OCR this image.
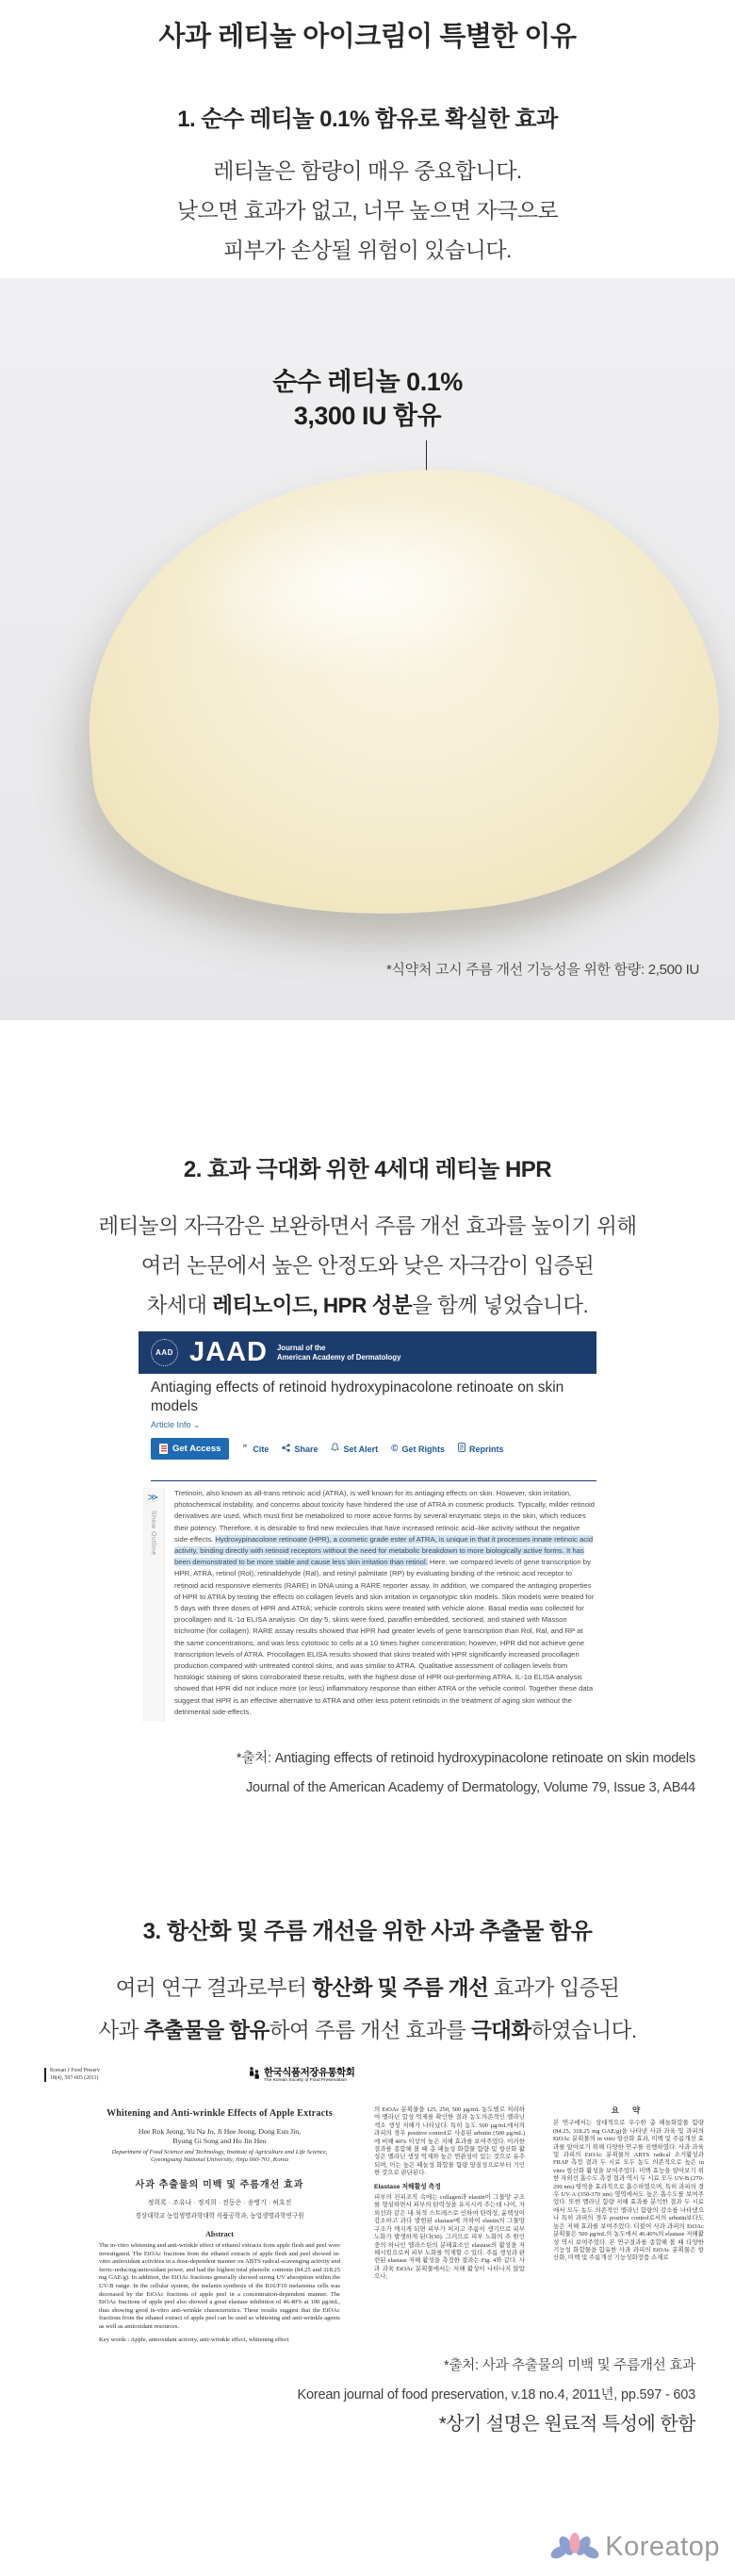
사과 레티놀 아이크림이 특별한 이유
1. 순수 레티놀 0.1% 함유로 확실한 효과
레티놀은 함량이 매우 중요합니다.
낮으면 효과가 없고, 너무 높으면 자극으로
피부가 손상될 위험이 있습니다.
순수 레티놀 0.1%
3,300 IU 함유
*식약처 고시 주름 개선 기능성을 위한 함량: 2,500 IU
2. 효과 극대화 위한 4세대 레티놀 HPR
레티놀의 자극감은 보완하면서 주름 개선 효과를 높이기 위해
여러 논문에서 높은 안정도와 낮은 자극감이 입증된
차세대 레티노이드, HPR 성분을 함께 넣었습니다.
AAD JAAD Journal of the
American Academy of Dermatology
Antiaging effects of retinoid hydroxypinacolone retinoate on skin models
Article Info ⌄
Get Access ”  Cite	Share	Set Alert © Get Rights	Reprints
≫
Show Outline
Tretinoin, also known as all-trans retinoic acid (ATRA), is well known for its antiaging effects on skin. However, skin irritation, photochemical instability, and concerns about toxicity have hindered the use of ATRA in cosmetic products. Typically, milder retinoid derivatives are used, which must first be metabolized to more active forms by several enzymatic steps in the skin, which reduces their potency. Therefore, it is desirable to find new molecules that have increased retinoic acid–like activity without the negative side-effects. Hydroxypinacolone retinoate (HPR), a cosmetic grade ester of ATRA, is unique in that it processes innate retinoic acid activity, binding directly with retinoid receptors without the need for metabolic breakdown to more biologically active forms. It has been demonstrated to be more stable and cause less skin irritation than retinol. Here, we compared levels of gene transcription by HPR, ATRA, retinol (Rol), retinaldehyde (Ral), and retinyl palmitate (RP) by evaluating binding of the retinoic acid receptor to retinoid acid responsive elements (RARE) in DNA using a RARE reporter assay. In addition, we compared the antiaging properties of HPR to ATRA by testing the effects on collagen levels and skin irritation in organotypic skin models. Skin models were treated for 5 days with three doses of HPR and ATRA; vehicle controls skins were treated with vehicle alone. Basal media was collected for procollagen and IL-1α ELISA analysis. On day 5, skins were fixed, paraffin embedded, sectioned, and stained with Masson trichrome (for collagen). RARE assay results showed that HPR had greater levels of gene transcription than Rol, Ral, and RP at the same concentrations, and was less cytotoxic to cells at a 10 times higher concentration; however, HPR did not achieve gene transcription levels of ATRA. Procollagen ELISA results showed that skins treated with HPR significantly increased procollagen production compared with untreated control skins, and was similar to ATRA. Qualitative assessment of collagen levels from histologic staining of skins corroborated these results, with the highest dose of HPR out-performing ATRA. IL-1α ELISA analysis showed that HPR did not induce more (or less) inflammatory response than either ATRA or the vehicle control. Together these data suggest that HPR is an effective alternative to ATRA and other less potent retinoids in the treatment of aging skin without the detrimental side-effects.
*출처: Antiaging effects of retinoid hydroxypinacolone retinoate on skin models
Journal of the American Academy of Dermatology, Volume 79, Issue 3, AB44
3. 항산화 및 주름 개선을 위한 사과 추출물 함유
여러 연구 결과로부터 항산화 및 주름 개선 효과가 입증된
사과 추출물을 함유하여 주름 개선 효과를 극대화하였습니다.
Korean J Food Preserv
18(4), 597-603 (2011)	한국식품저장유통학회
The Korean Society of Food Preservation
Whitening and Anti-wrinkle Effects of Apple Extracts
Hee Rok Jeong, Yu Na Jo, Ji Hee Jeong, Dong Eun Jin,
Byung Gi Song and Ho Jin Heo
Department of Food Science and Technology, Institute of Agriculture and Life Science,
Gyeongsang National University, Jinju 660-701, Korea
사과 추출물의 미백 및 주름개선 효과
정희록 · 조유나 · 정지희 · 전동은 · 송병기 · 허호진
경상대학교 농업생명과학대학 식품공학과, 농업생명과학연구원
Abstract
The in-vitro whitening and anti-wrinkle effect of ethanol extracts from apple flesh and peel were investigated. The EtOAc fractions from the ethanol extracts of apple flesh and peel showed in-vitro antioxidant activities in a dose-dependent manner on ABTS radical-scavenging activity and ferric-reducing/antioxidant power, and had the highest total phenolic contents (84.25 and 318.25 mg GAE/g). In addition, the EtOAc fractions generally showed strong UV absorption within the UV-B range. In the cellular system, the melanin synthesis of the B16/F10 melanoma cells was decreased by the EtOAc fractions of apple peel in a concentration-dependent manner. The EtOAc fractions of apple peel also showed a great elastase inhibition of 46.40% at 100 μg/mL, thus showing good in-vitro anti-wrinkle characteristics. These results suggest that the EtOAc fractions from the ethanol extract of apple peel can be used as whitening and anti-wrinkle agents as well as antioxidant resources.
Key words : Apple, antioxidant activity, anti-wrinkle effect, whitening effect
의 EtOAc 분획물을 125, 250, 500 μg/mL 농도별로 처리하여 멜라닌 합성 억제를 확인한 결과 농도의존적인 멜라닌 색소 생성 저해가 나타났다. 특히 농도 500 μg/mL에서의 과피의 경우 positive control로 사용된 arbutin (500 μg/mL)에 비해 40% 이상의 높은 저해 효과를 보여주었다. 이러한 결과를 종합해 볼 때 총 페놀성 화합물 함량 및 항산화 활성은 멜라닌 생성 억제와 높은 연관성이 있는 것으로 유추되며, 이는 높은 페놀성 화합물 함량 양질성으로부터 기인한 것으로 판단된다.
Elastase 저해활성 측정
피부의 진피조직 속에는 collagen과 elastin이 그물망 구조를 형성하면서 피부의 탄력성을 유지시켜 주는데 나이, 자외선과 같은 내·외적 스트레스로 인하여 탄력성, 윤택성이 감소하고 과다 발현된 elastase에 의하여 elastin의 그물망 구조가 깨지게 되면 피부가 처지고 주름이 생기므로 피부 노화가 발생하게 된다(30). 그러므로 피부 노화의 주 원인중의 하나인 엘라스틴의 분해효소인 elastase의 활성을 저해시킴으로써 피부 노화를 억제할 수 있다. 주름 생성과 관련된 elastase 저해 활성을 측정한 결과는 Fig. 4와 같다. 사과 과육 EtOAc 분획물에서는 저해 활성이 나타나지 않았으나,
요 약
본 연구에서는 상대적으로 우수한 총 페놀화합물 함량 (84.25, 318.25 mg GAE/g)을 나타낸 사과 과육 및 과피의 EtOAc 분획물의 in vitro 항산화 효과, 미백 및 주름개선 효과를 알아보기 위해 다양한 연구를 진행하였다. 사과 과육 및 과피의 EtOAc 분획물의 ABTS radical 소거활성과 FRAP 측정 결과 두 시료 모두 농도 의존적으로 높은 in vitro 항산화 활성을 보여주었다. 미백 효능을 알아보기 위한 자외선 흡수도 측정 결과 역시 두 시료 모두 UV-B (270-290 nm) 영역을 효과적으로 흡수하였으며, 특히 과피의 경우 UV-A (350-370 nm) 영역에서도 높은 흡수도를 보여주었다. 또한 멜라닌 함량 저해 효과를 분석한 결과 두 시료에서 모두 농도 의존적인 멜라닌 함량의 감소를 나타냈으나 특히 과피의 경우 positive control로서의 arbutin보다도 높은 저해 효과를 보여주었다. 더불어 사과 과피의 EtOAc 분획물은 500 μg/mL의 농도에서 46.40%의 elastase 저해활성 역시 보여주었다. 본 연구결과를 종합해 볼 때 다양한 기능성 화합물을 함유한 사과 과피의 EtOAc 분획물은 항산화, 미백 및 주름개선 기능성화장품 소재로
*출처: 사과 추출물의 미백 및 주름개선 효과
Korean journal of food preservation, v.18 no.4, 2011년, pp.597 - 603
*상기 설명은 원료적 특성에 한함
Koreatop
